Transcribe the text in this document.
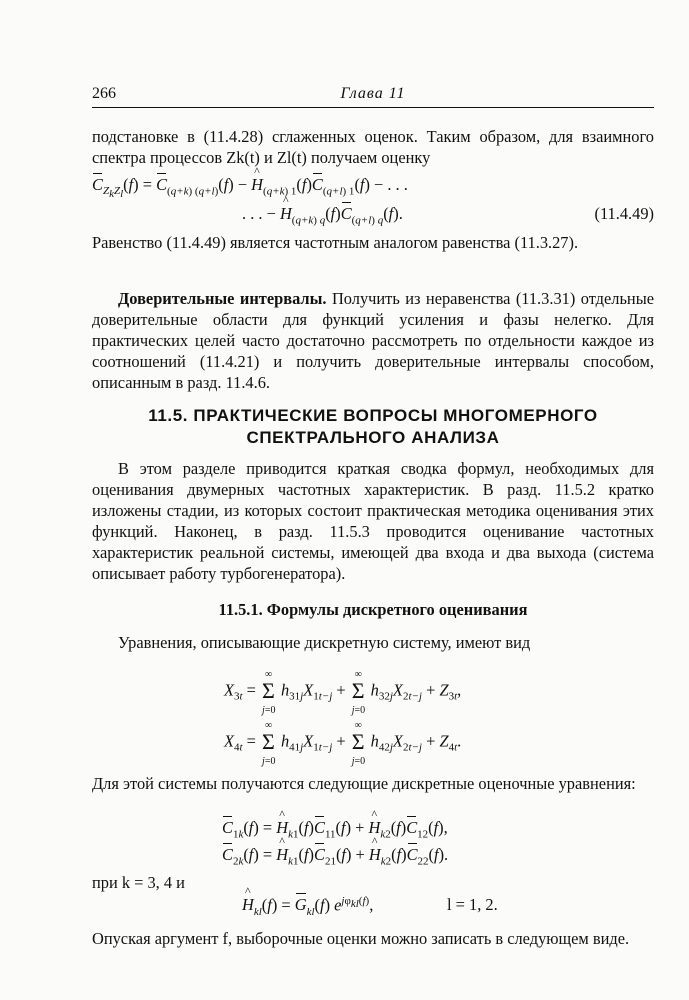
266	Глава 11

подстановке в (11.4.28) сглаженных оценок. Таким образом, для взаимного спектра процессов Zk(t) и Zl(t) получаем оценку

$C_{Z_kZ_l}(f) = C_{(q+k) (q+l)}(f)$ − ^ $H_{(q+k) 1}(f)C_{(q+l) 1}(f)$ − . . .
. . . − ^ $H_{(q+k) q}(f)C_{(q+l) q}(f)$.	(11.4.49)

Равенство (11.4.49) является частотным аналогом равенства (11.3.27).

Доверительные интервалы. Получить из неравенства (11.3.31) отдельные доверительные области для функций усиления и фазы нелегко. Для практических целей часто достаточно рассмотреть по отдельности каждое из соотношений (11.4.21) и получить доверительные интервалы способом, описанным в разд. 11.4.6.

11.5. ПРАКТИЧЕСКИЕ ВОПРОСЫ МНОГОМЕРНОГО
СПЕКТРАЛЬНОГО АНАЛИЗА

В этом разделе приводится краткая сводка формул, необходимых для оценивания двумерных частотных характеристик. В разд. 11.5.2 кратко изложены стадии, из которых состоит практическая методика оценивания этих функций. Наконец, в разд. 11.5.3 проводится оценивание частотных характеристик реальной системы, имеющей два входа и два выхода (система описывает работу турбогенератора).

11.5.1. Формулы дискретного оценивания

Уравнения, описывающие дискретную систему, имеют вид

$X_{3t}$ =
∞
Σ
j=0
$h_{31j}X_{1t-j}$ +
∞
Σ
j=0
$h_{32j}X_{2t-j} + Z_{3t}$,
$X_{4t}$ =
∞
Σ
j=0
$h_{41j}X_{1t-j}$ +
∞
Σ
j=0
$h_{42j}X_{2t-j} + Z_{4t}$.

Для этой системы получаются следующие дискретные оценочные уравнения:

$C_{1k}(f)$ = ^ $H_{k1}(f)C_{11}(f)$ + ^ $H_{k2}(f)C_{12}(f)$,
$C_{2k}(f)$ = ^ $H_{k1}(f)C_{21}(f)$ + ^ $H_{k2}(f)C_{22}(f)$.
при k = 3, 4 и
^ $H_{kl}(f) = G_{kl}(f)$ $e^{j\varphi_{kl}(f)}$,	l = 1, 2.

Опуская аргумент f, выборочные оценки можно записать в следующем виде.
